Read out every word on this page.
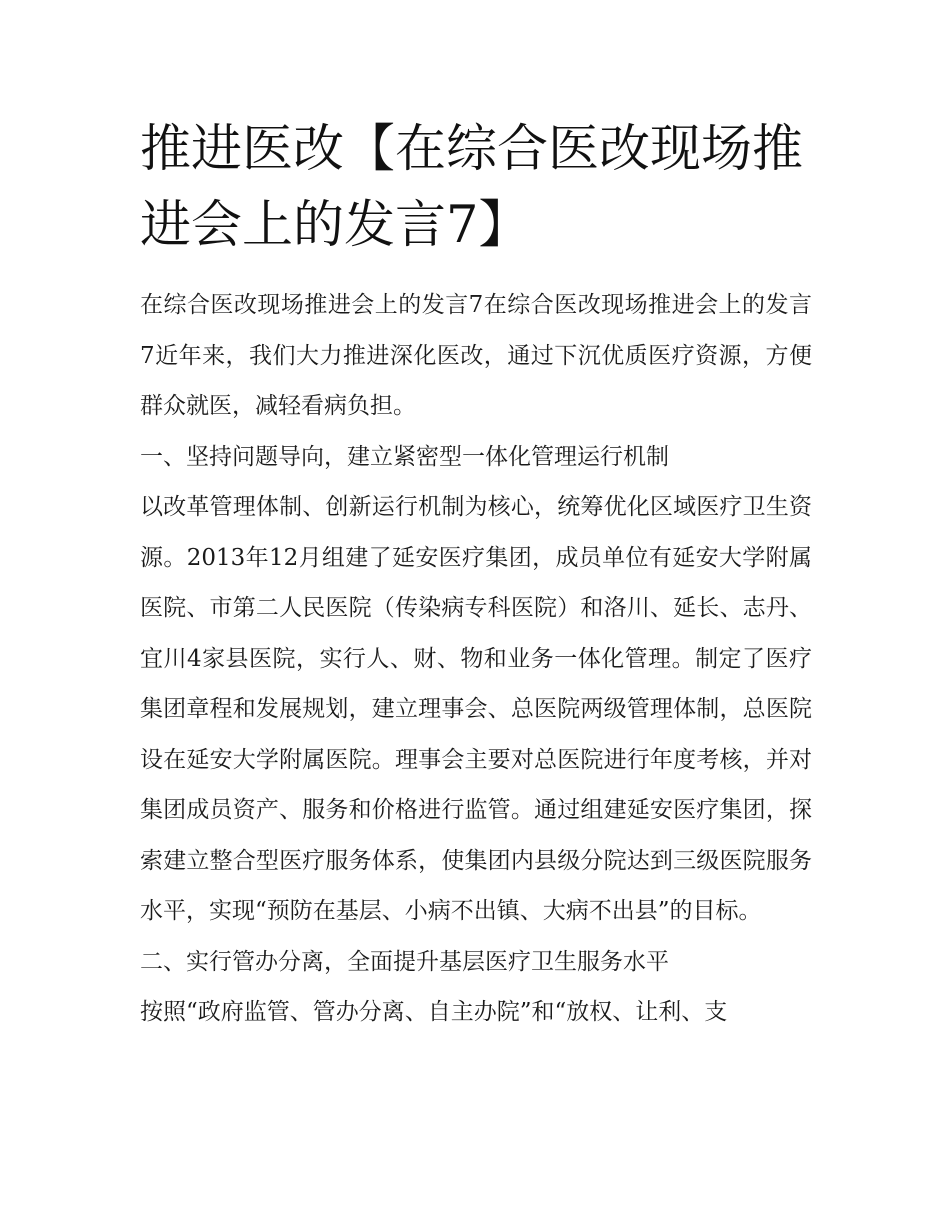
推进医改【在综合医改现场推进会上的发言7】

在综合医改现场推进会上的发言7在综合医改现场推进会上的发言7近年来，我们大力推进深化医改，通过下沉优质医疗资源，方便群众就医，减轻看病负担。

一、坚持问题导向，建立紧密型一体化管理运行机制

以改革管理体制、创新运行机制为核心，统筹优化区域医疗卫生资源。2013年12月组建了延安医疗集团，成员单位有延安大学附属医院、市第二人民医院（传染病专科医院）和洛川、延长、志丹、宜川4家县医院，实行人、财、物和业务一体化管理。制定了医疗集团章程和发展规划，建立理事会、总医院两级管理体制，总医院设在延安大学附属医院。理事会主要对总医院进行年度考核，并对集团成员资产、服务和价格进行监管。通过组建延安医疗集团，探索建立整合型医疗服务体系，使集团内县级分院达到三级医院服务水平，实现“预防在基层、小病不出镇、大病不出县”的目标。

二、实行管办分离，全面提升基层医疗卫生服务水平

按照“政府监管、管办分离、自主办院”和“放权、让利、支
